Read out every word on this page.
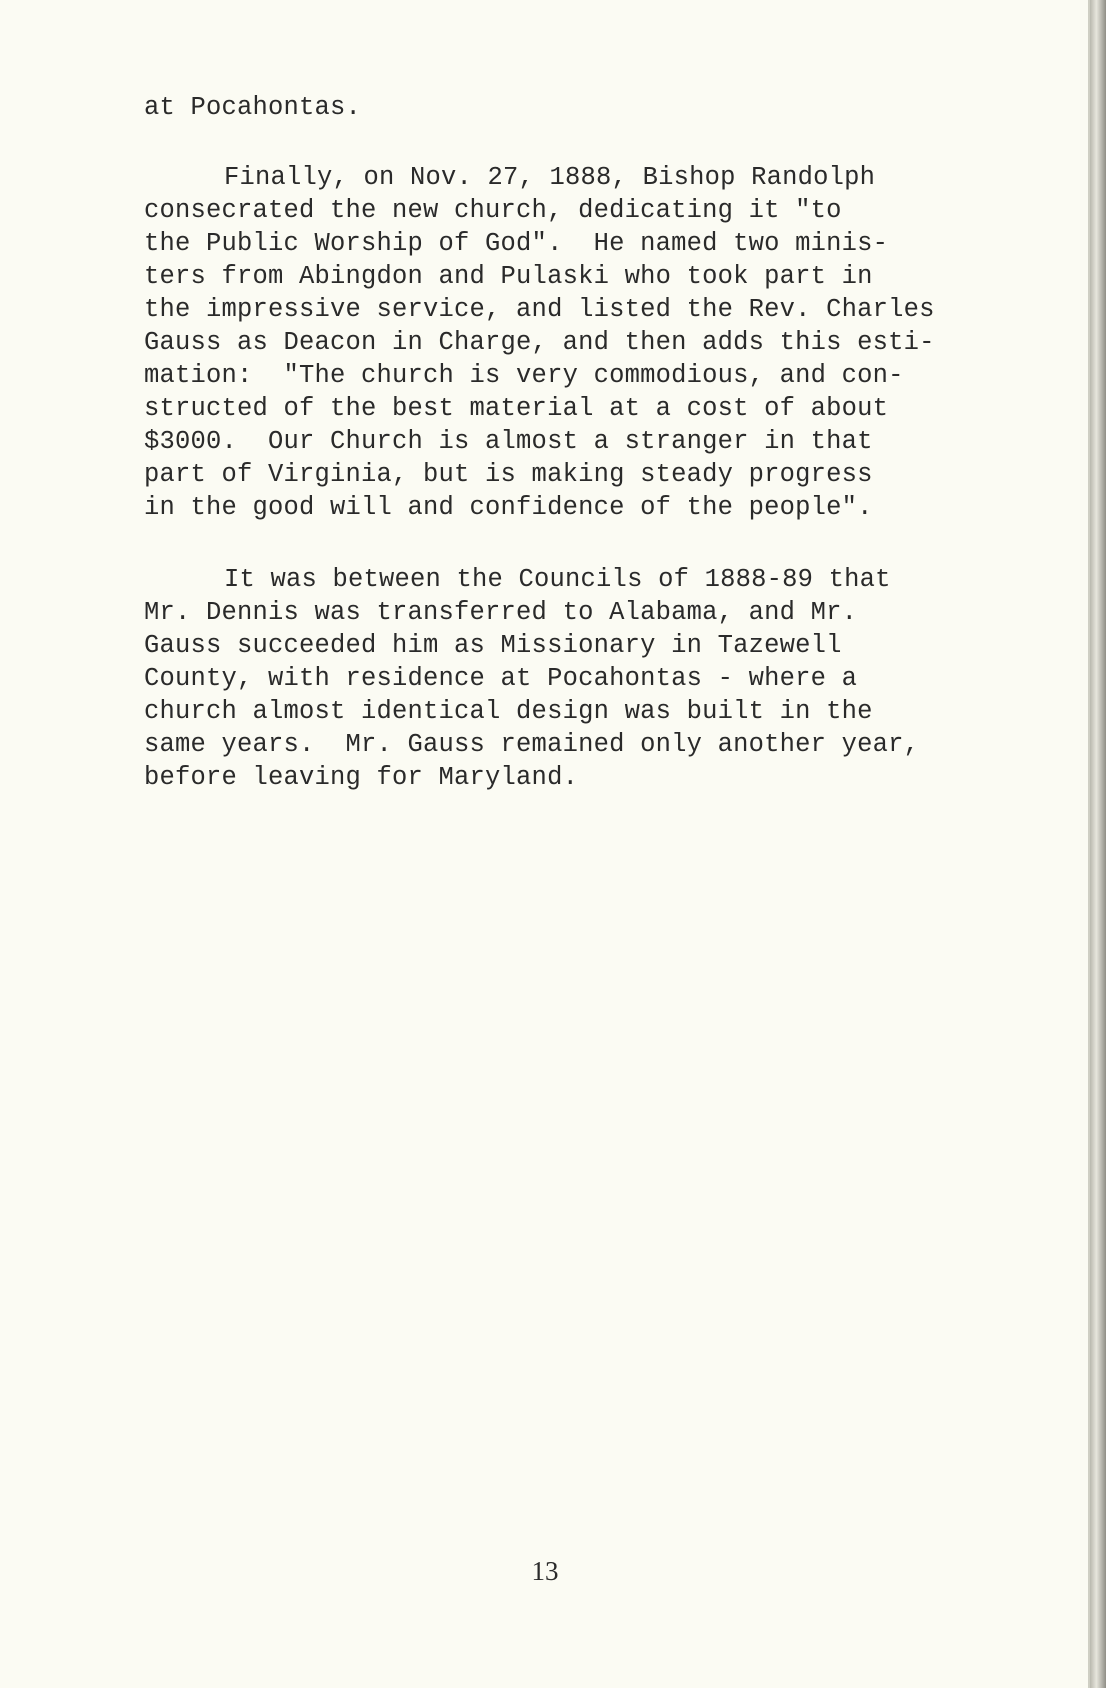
at Pocahontas.
Finally, on Nov. 27, 1888, Bishop Randolph
consecrated the new church, dedicating it "to
the Public Worship of God".  He named two minis-
ters from Abingdon and Pulaski who took part in
the impressive service, and listed the Rev. Charles
Gauss as Deacon in Charge, and then adds this esti-
mation:  "The church is very commodious, and con-
structed of the best material at a cost of about
$3000.  Our Church is almost a stranger in that
part of Virginia, but is making steady progress
in the good will and confidence of the people".
It was between the Councils of 1888-89 that
Mr. Dennis was transferred to Alabama, and Mr.
Gauss succeeded him as Missionary in Tazewell
County, with residence at Pocahontas - where a
church almost identical design was built in the
same years.  Mr. Gauss remained only another year,
before leaving for Maryland.
13
